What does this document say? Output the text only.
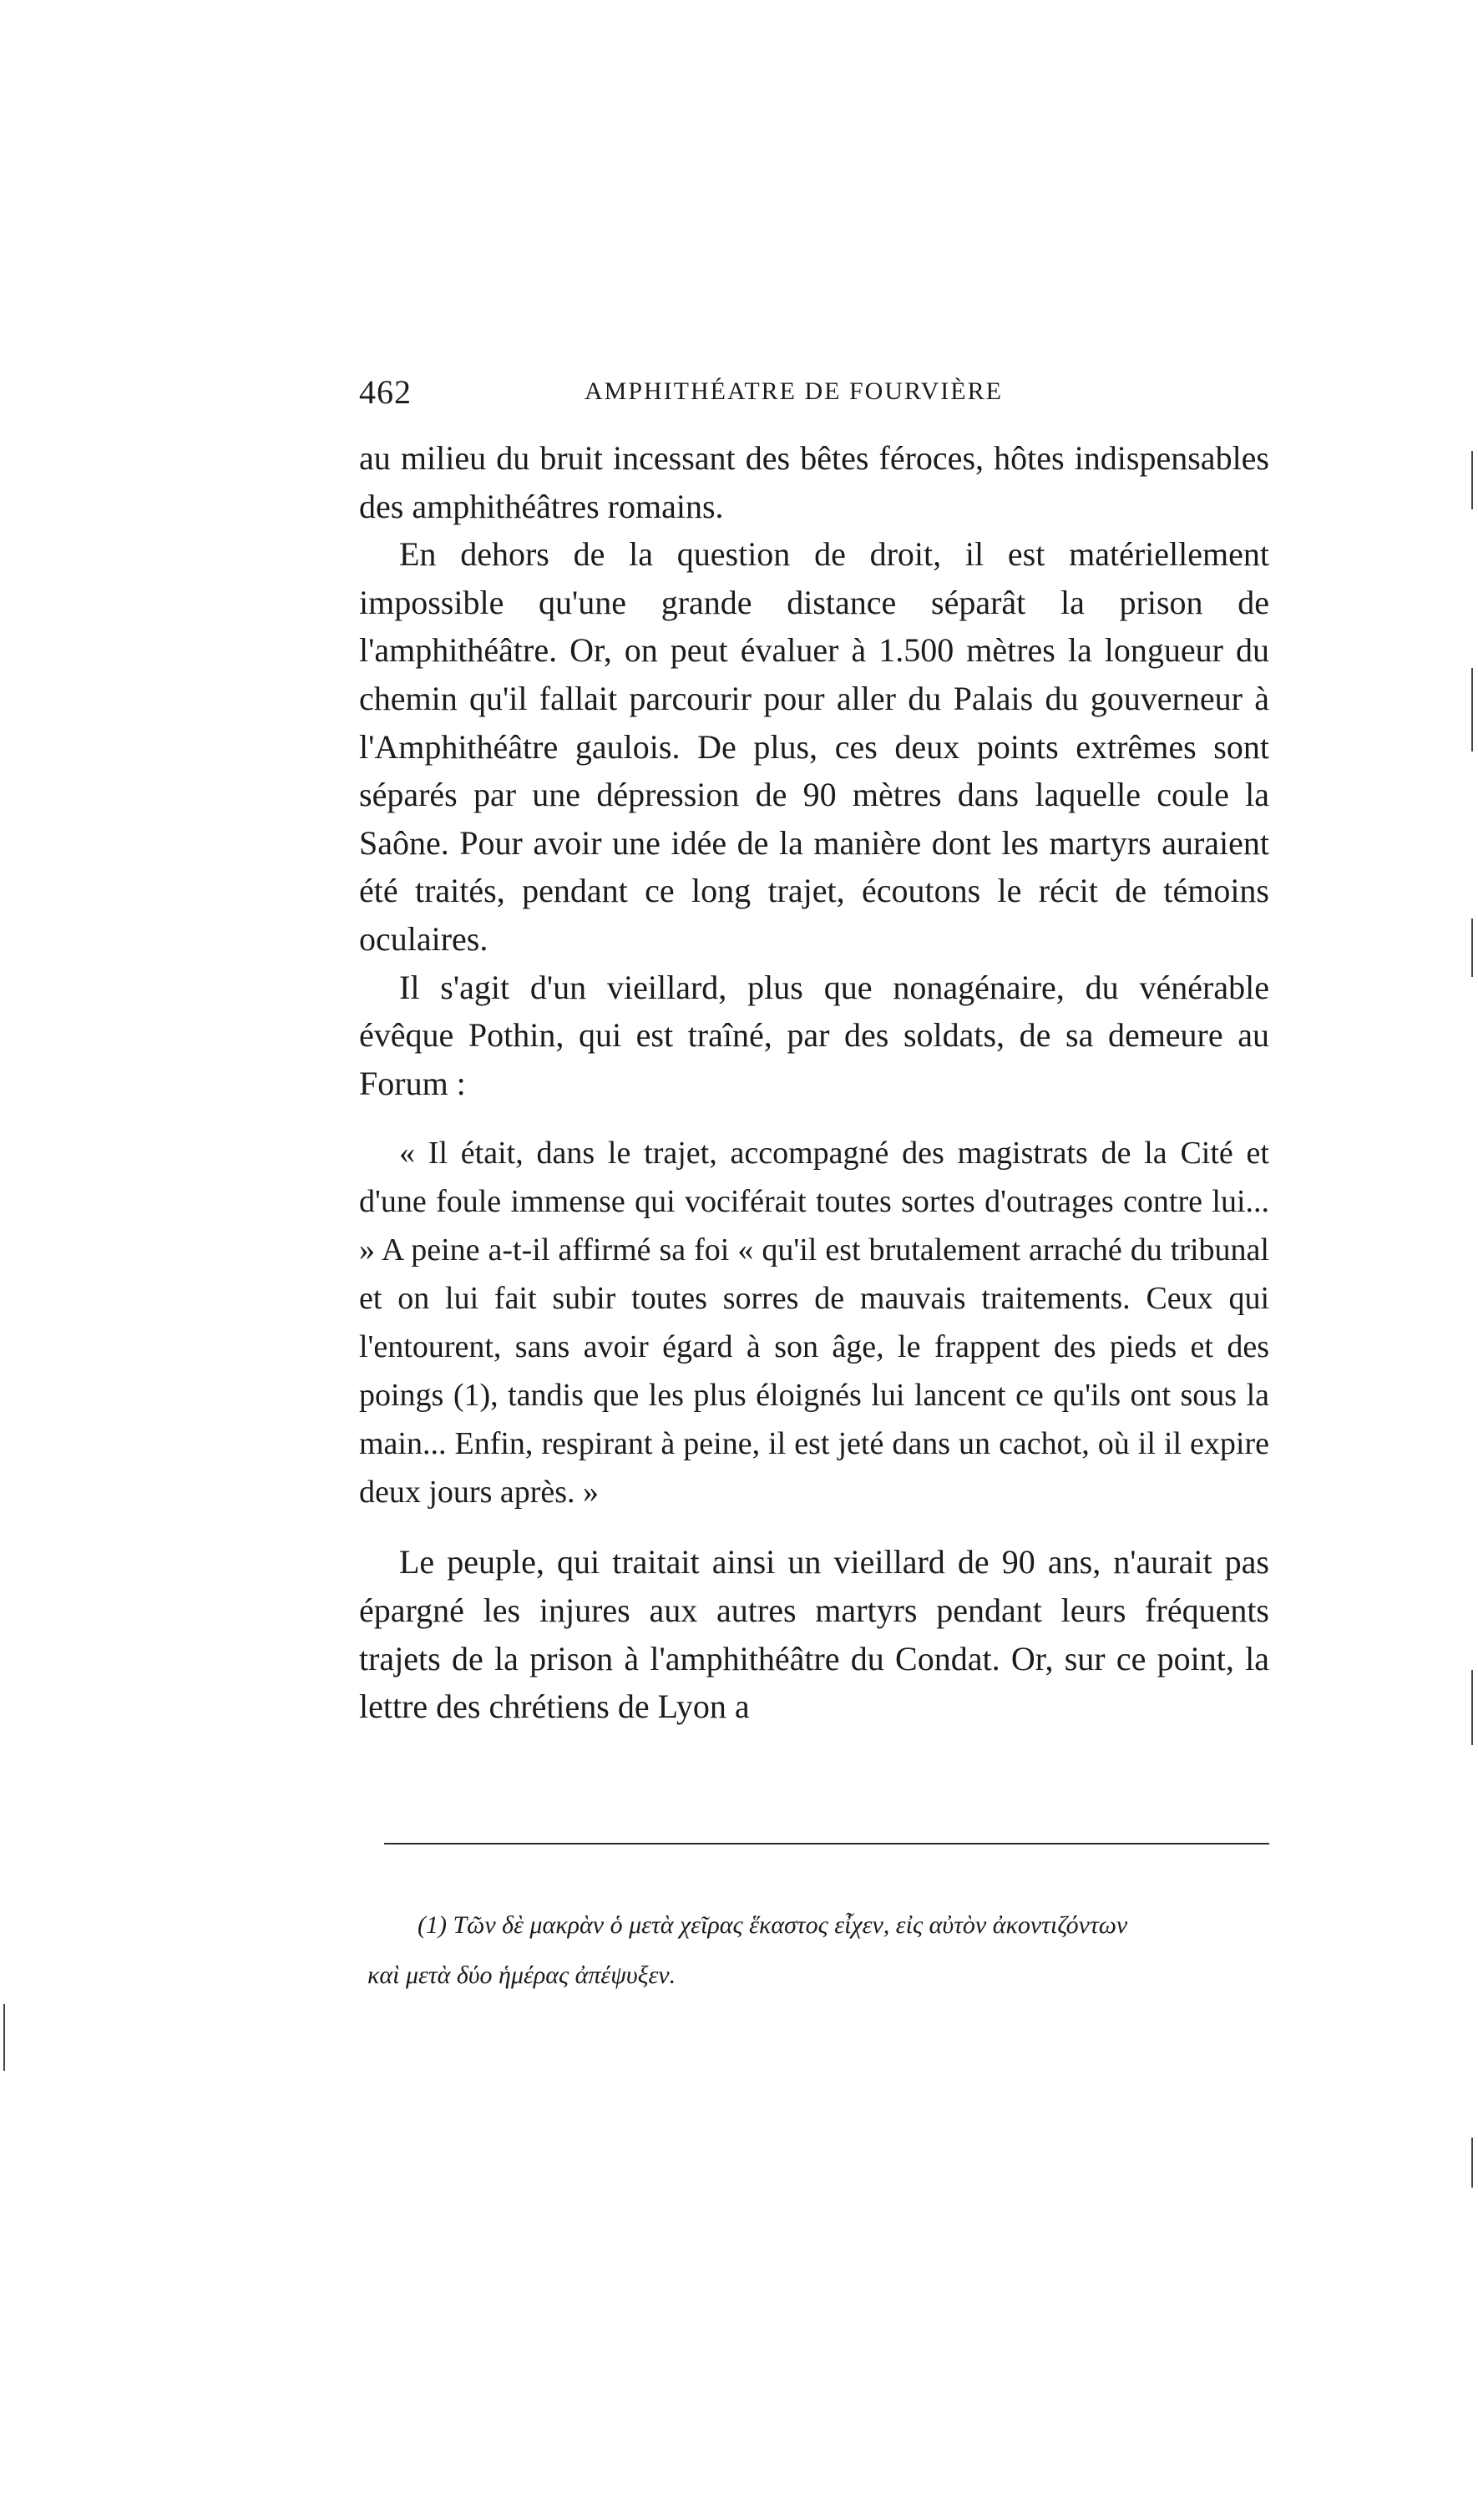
462	AMPHITHÉATRE DE FOURVIÈRE

au milieu du bruit incessant des bêtes féroces, hôtes indispensables des amphithéâtres romains.

En dehors de la question de droit, il est matériellement impossible qu'une grande distance séparât la prison de l'amphithéâtre. Or, on peut évaluer à 1.500 mètres la longueur du chemin qu'il fallait parcourir pour aller du Palais du gouverneur à l'Amphithéâtre gaulois. De plus, ces deux points extrêmes sont séparés par une dépression de 90 mètres dans laquelle coule la Saône. Pour avoir une idée de la manière dont les martyrs auraient été traités, pendant ce long trajet, écoutons le récit de témoins oculaires.

Il s'agit d'un vieillard, plus que nonagénaire, du vénérable évêque Pothin, qui est traîné, par des soldats, de sa demeure au Forum :

« Il était, dans le trajet, accompagné des magistrats de la Cité et d'une foule immense qui vociférait toutes sortes d'outrages contre lui... » A peine a-t-il affirmé sa foi « qu'il est brutalement arraché du tribunal et on lui fait subir toutes sorres de mauvais traitements. Ceux qui l'entourent, sans avoir égard à son âge, le frappent des pieds et des poings (1), tandis que les plus éloignés lui lancent ce qu'ils ont sous la main... Enfin, respirant à peine, il est jeté dans un cachot, où il il expire deux jours après. »

Le peuple, qui traitait ainsi un vieillard de 90 ans, n'aurait pas épargné les injures aux autres martyrs pendant leurs fréquents trajets de la prison à l'amphithéâtre du Condat. Or, sur ce point, la lettre des chrétiens de Lyon a

(1) Τῶν δὲ μακρὰν ὁ μετὰ χεῖρας ἕκαστος εἶχεν, εἰς αὐτὸν ἀκοντιζόντων

καὶ μετὰ δύο ἡμέρας ἀπέψυξεν.
